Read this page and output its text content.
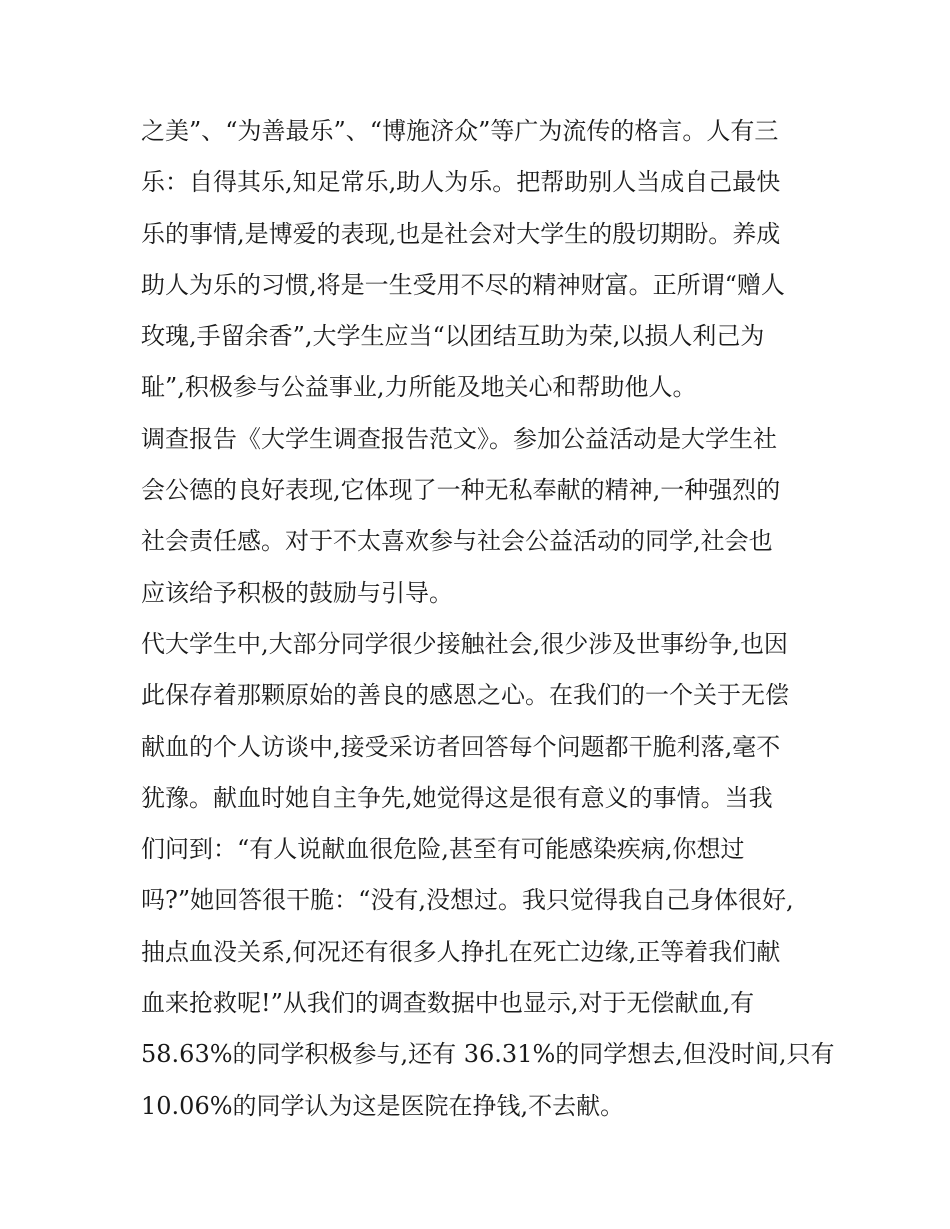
之美”、“为善最乐”、“博施济众”等广为流传的格言。人有三
乐：自得其乐,知足常乐,助人为乐。把帮助别人当成自己最快
乐的事情,是博爱的表现,也是社会对大学生的殷切期盼。养成
助人为乐的习惯,将是一生受用不尽的精神财富。正所谓“赠人
玫瑰,手留余香”,大学生应当“以团结互助为荣,以损人利己为
耻”,积极参与公益事业,力所能及地关心和帮助他人。
调查报告《大学生调查报告范文》。参加公益活动是大学生社
会公德的良好表现,它体现了一种无私奉献的精神,一种强烈的
社会责任感。对于不太喜欢参与社会公益活动的同学,社会也
应该给予积极的鼓励与引导。
代大学生中,大部分同学很少接触社会,很少涉及世事纷争,也因
此保存着那颗原始的善良的感恩之心。在我们的一个关于无偿
献血的个人访谈中,接受采访者回答每个问题都干脆利落,毫不
犹豫。献血时她自主争先,她觉得这是很有意义的事情。当我
们问到：“有人说献血很危险,甚至有可能感染疾病,你想过
吗?”她回答很干脆：“没有,没想过。我只觉得我自己身体很好,
抽点血没关系,何况还有很多人挣扎在死亡边缘,正等着我们献
血来抢救呢!”从我们的调查数据中也显示,对于无偿献血,有
58.63%的同学积极参与,还有 36.31%的同学想去,但没时间,只有
10.06%的同学认为这是医院在挣钱,不去献。
